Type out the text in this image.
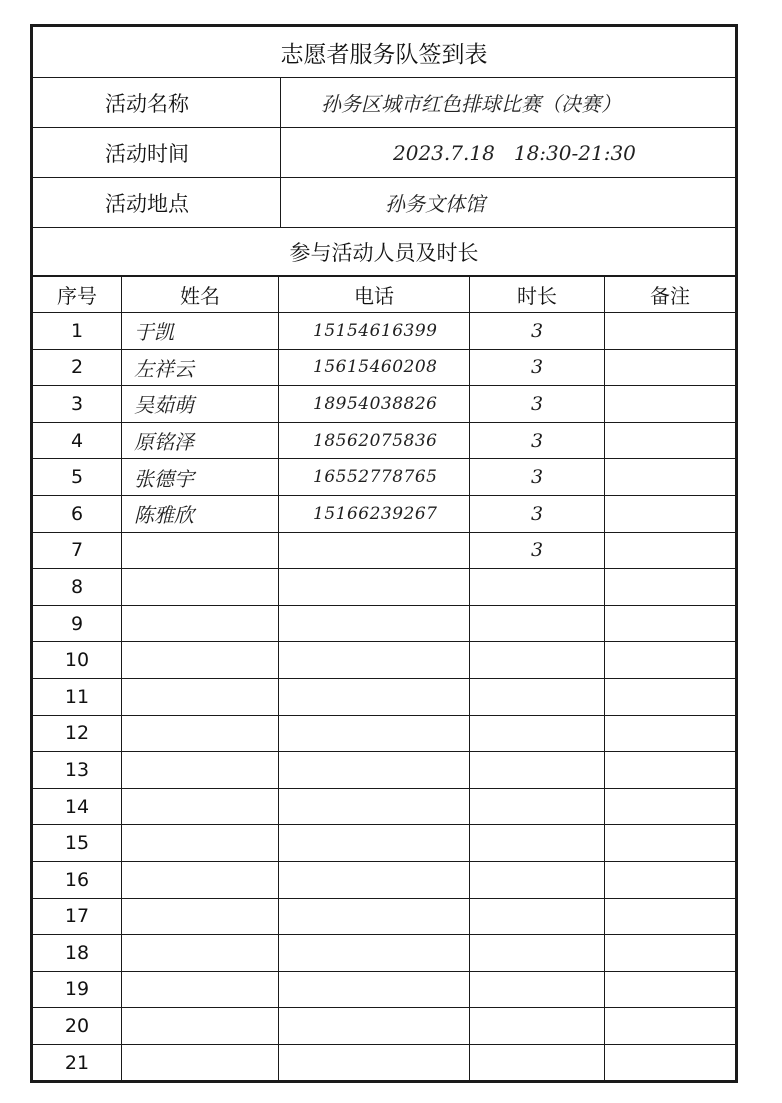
志愿者服务队签到表	
活动名称	孙务区城市红色排球比赛（决赛）
活动时间	2023.7.18   18:30-21:30
活动地点	孙务文体馆
参与活动人员及时长	
序号	姓名	电话	时长	备注
1	于凯	15154616399	3	
2	左祥云	15615460208	3	
3	吴茹萌	18954038826	3	
4	原铭泽	18562075836	3	
5	张德宇	16552778765	3	
6	陈雅欣	15166239267	3	
7			3	
8				
9				
10				
11				
12				
13				
14				
15				
16				
17				
18				
19				
20				
21				
